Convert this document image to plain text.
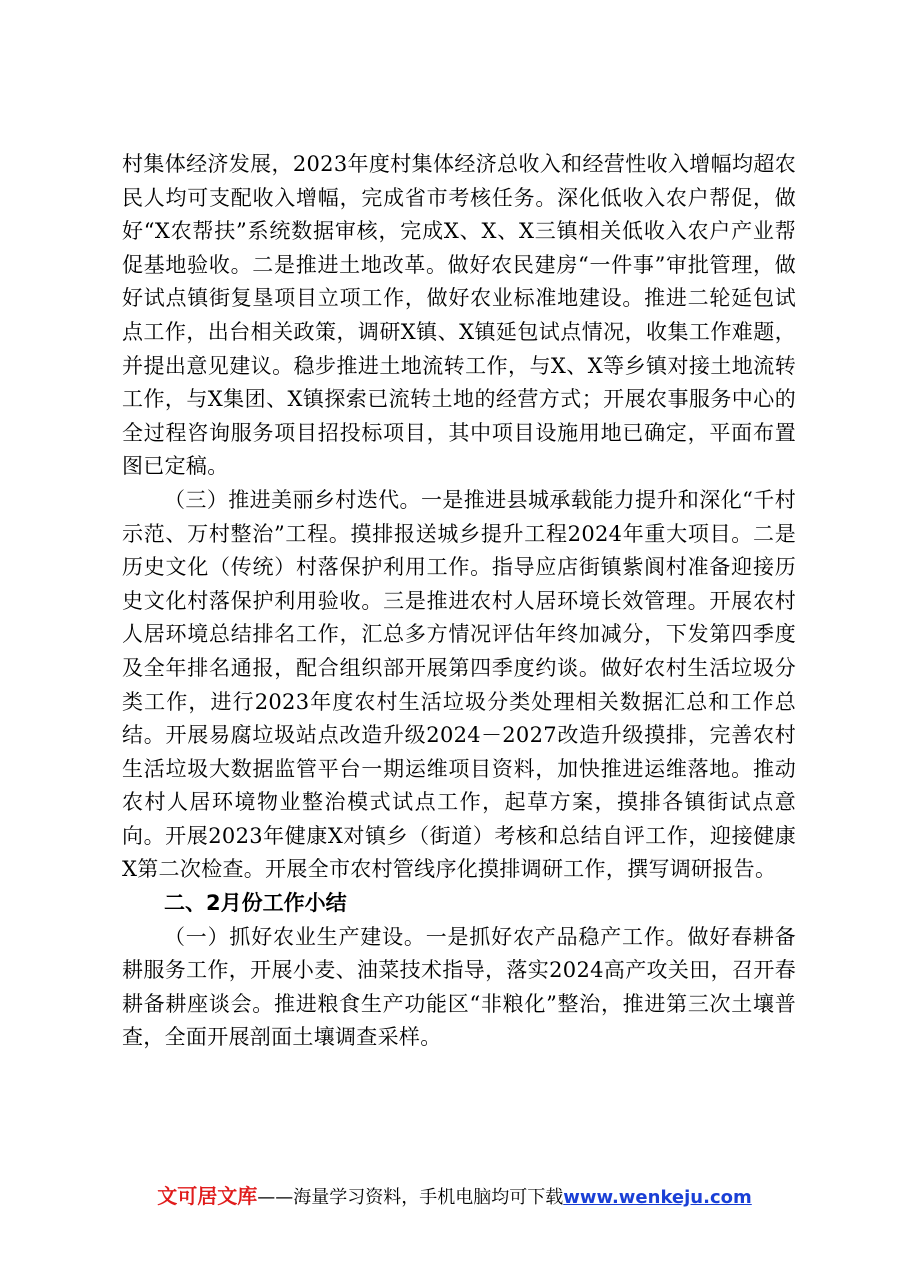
村集体经济发展，2023年度村集体经济总收入和经营性收入增幅均超农民人均可支配收入增幅，完成省市考核任务。深化低收入农户帮促，做好“X农帮扶”系统数据审核，完成X、X、X三镇相关低收入农户产业帮促基地验收。二是推进土地改革。做好农民建房“一件事”审批管理，做好试点镇街复垦项目立项工作，做好农业标准地建设。推进二轮延包试点工作，出台相关政策，调研X镇、X镇延包试点情况，收集工作难题，并提出意见建议。稳步推进土地流转工作，与X、X等乡镇对接土地流转工作，与X集团、X镇探索已流转土地的经营方式；开展农事服务中心的全过程咨询服务项目招投标项目，其中项目设施用地已确定，平面布置图已定稿。

（三）推进美丽乡村迭代。一是推进县城承载能力提升和深化“千村示范、万村整治”工程。摸排报送城乡提升工程2024年重大项目。二是历史文化（传统）村落保护利用工作。指导应店街镇紫阆村准备迎接历史文化村落保护利用验收。三是推进农村人居环境长效管理。开展农村人居环境总结排名工作，汇总多方情况评估年终加减分，下发第四季度及全年排名通报，配合组织部开展第四季度约谈。做好农村生活垃圾分类工作，进行2023年度农村生活垃圾分类处理相关数据汇总和工作总结。开展易腐垃圾站点改造升级2024－2027改造升级摸排，完善农村生活垃圾大数据监管平台一期运维项目资料，加快推进运维落地。推动农村人居环境物业整治模式试点工作，起草方案，摸排各镇街试点意向。开展2023年健康X对镇乡（街道）考核和总结自评工作，迎接健康X第二次检查。开展全市农村管线序化摸排调研工作，撰写调研报告。

二、2月份工作小结

（一）抓好农业生产建设。一是抓好农产品稳产工作。做好春耕备耕服务工作，开展小麦、油菜技术指导，落实2024高产攻关田，召开春耕备耕座谈会。推进粮食生产功能区“非粮化”整治，推进第三次土壤普查，全面开展剖面土壤调查采样。

文可居文库——海量学习资料，手机电脑均可下载www.wenkeju.com
